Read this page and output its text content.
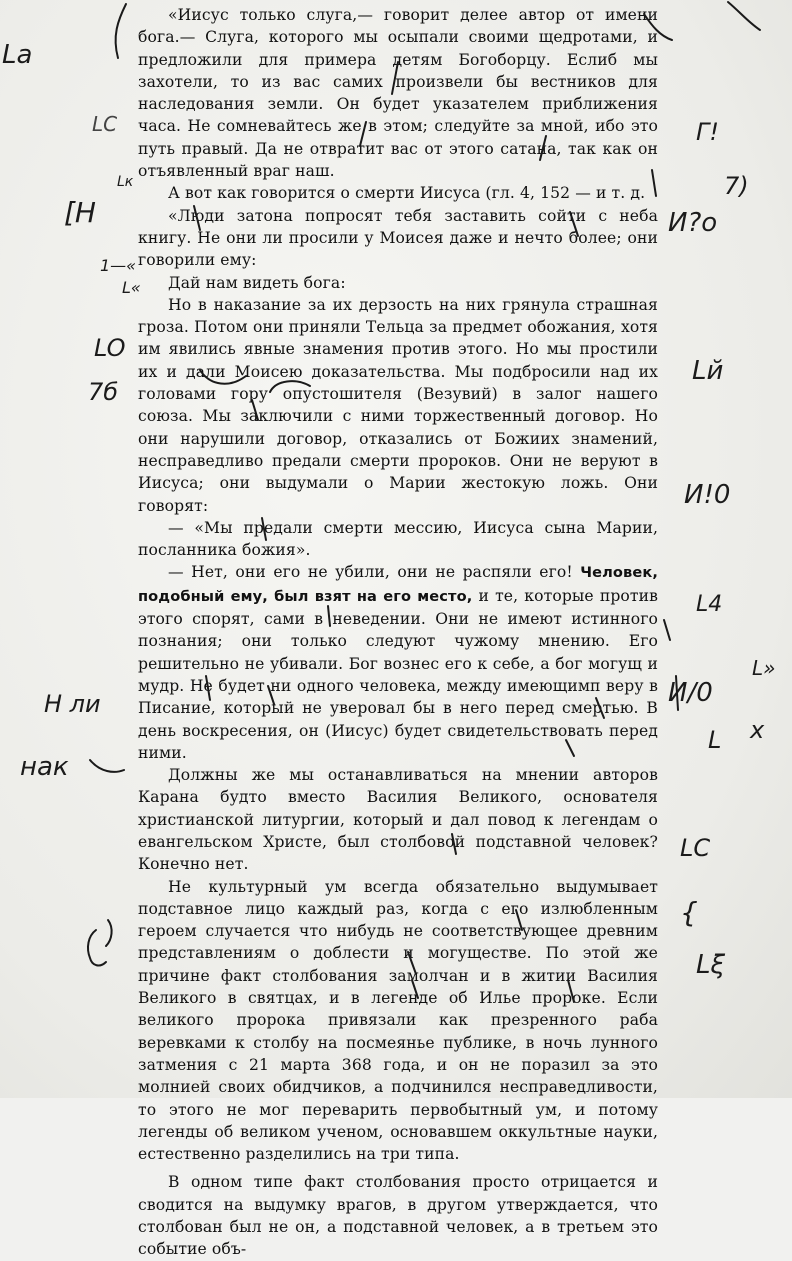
«Иисус только слуга,— говорит делее автор от имени бога.— Слуга, которого мы осыпали своими щедротами, и предложили для примера детям Богоборцу. Еслиб мы захотели, то из вас самих произвели бы вестников для наследования земли. Он будет указателем приближения часа. Не сомневайтесь же в этом; следуйте за мной, ибо это путь правый. Да не отвратит вас от этого сатана, так как он отъявленный враг наш.

А вот как говорится о смерти Иисуса (гл. 4, 152 — и т. д.

«Люди затона попросят тебя заставить сойти с неба книгу. Не они ли просили у Моисея даже и нечто более; они говорили ему:

Дай нам видеть бога:

Но в наказание за их дерзость на них грянула страшная гроза. Потом они приняли Тельца за предмет обожания, хотя им явились явные знамения против этого. Но мы простили их и дали Моисею доказательства. Мы подбросили над их головами гору опустошителя (Везувий) в залог нашего союза. Мы заключили с ними торжественный договор. Но они нарушили договор, отказались от Божиих знамений, несправедливо предали смерти пророков. Они не веруют в Иисуса; они выдумали о Марии жестокую ложь. Они говорят:

— «Мы предали смерти мессию, Иисуса сына Марии, посланника божия».

— Нет, они его не убили, они не распяли его! Человек, подобный ему, был взят на его место, и те, которые против этого спорят, сами в неведении. Они не имеют истинного познания; они только следуют чужому мнению. Его решительно не убивали. Бог вознес его к себе, а бог могущ и мудр. Не будет ни одного человека, между имеющимп веру в Писание, который не уверовал бы в него перед смертью. В день воскресения, он (Иисус) будет свидетельствовать перед ними.

Должны же мы останавливаться на мнении авторов Карана будто вместо Василия Великого, основателя христианской литургии, который и дал повод к легендам о евангельском Христе, был столбовой подставной человек? Конечно нет.

Не культурный ум всегда обязательно выдумывает подставное лицо каждый раз, когда с его излюбленным героем случается что нибудь не соответствующее древним представлениям о доблести и могуществе. По этой же причине факт столбования замолчан и в житии Василия Великого в святцах, и в легенде об Илье пророке. Если великого пророка привязали как презренного раба веревками к столбу на посмеянье публике, в ночь лунного затмения с 21 марта 368 года, и он не поразил за это молнией своих обидчиков, а подчинился несправедливости, то этого не мог переварить первобытный ум, и потому легенды об великом ученом, основавшем оккультные науки, естественно разделились на три типа.

В одном типе факт столбования просто отрицается и сводится на выдумку врагов, в другом утверждается, что столбован был не он, а подставной человек, а в третьем это событие объ-

La
LC
Lк
Г!
7)
[Н	И?о
1—«
L«
LO
7б
Lй
И!0
L4
L»
Н ли	И/0
L x
нак
LC
{
Lξ
